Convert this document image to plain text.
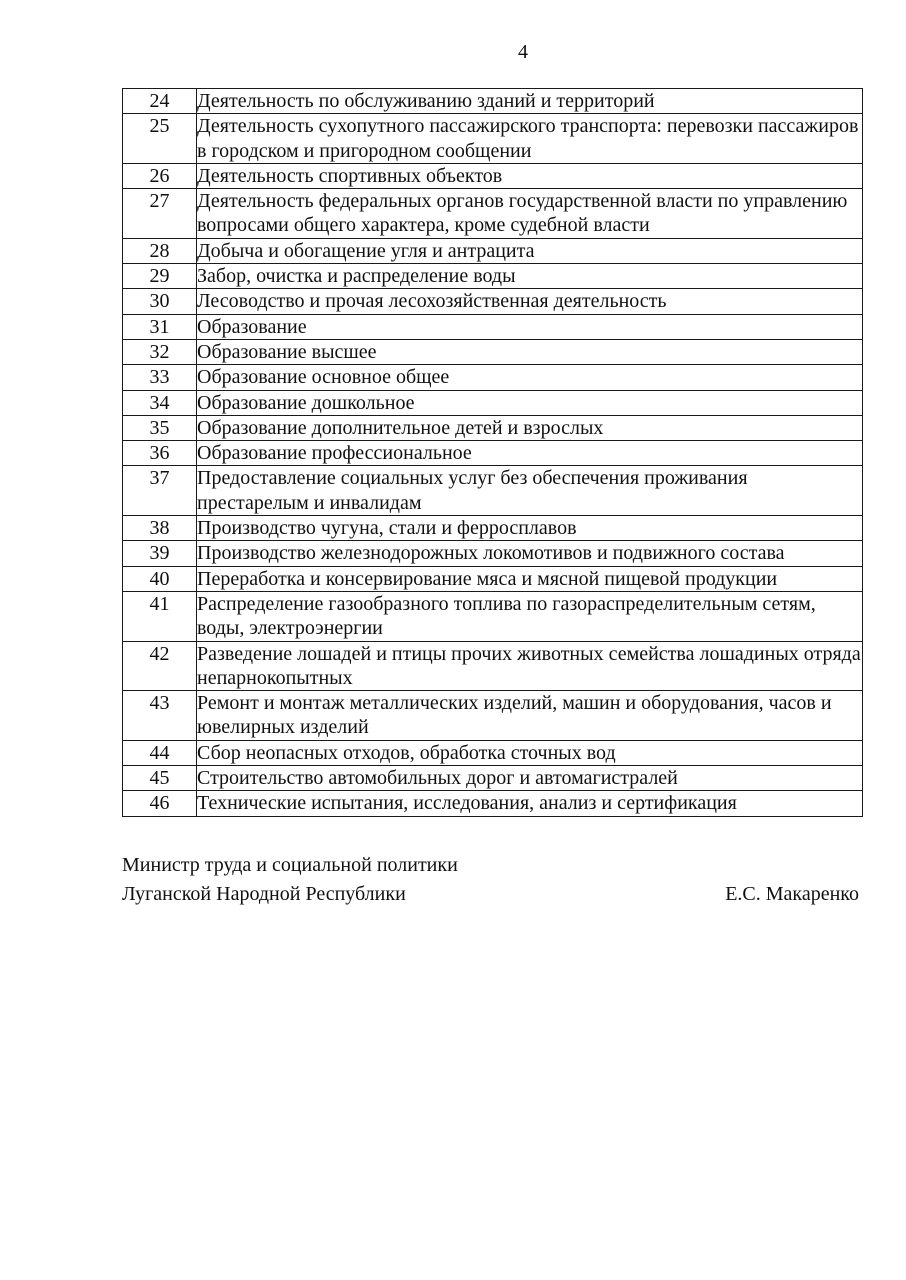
4
24	Деятельность по обслуживанию зданий и территорий
25	Деятельность сухопутного пассажирского транспорта: перевозки пассажиров в городском и пригородном сообщении
26	Деятельность спортивных объектов
27	Деятельность федеральных органов государственной власти по управлению вопросами общего характера, кроме судебной власти
28	Добыча и обогащение угля и антрацита
29	Забор, очистка и распределение воды
30	Лесоводство и прочая лесохозяйственная деятельность
31	Образование
32	Образование высшее
33	Образование основное общее
34	Образование дошкольное
35	Образование дополнительное детей и взрослых
36	Образование профессиональное
37	Предоставление социальных услуг без обеспечения проживания престарелым и инвалидам
38	Производство чугуна, стали и ферросплавов
39	Производство железнодорожных локомотивов и подвижного состава
40	Переработка и консервирование мяса и мясной пищевой продукции
41	Распределение газообразного топлива по газораспределительным сетям, воды, электроэнергии
42	Разведение лошадей и птицы прочих животных семейства лошадиных отряда непарнокопытных
43	Ремонт и монтаж металлических изделий, машин и оборудования, часов и ювелирных изделий
44	Сбор неопасных отходов, обработка сточных вод
45	Строительство автомобильных дорог и автомагистралей
46	Технические испытания, исследования, анализ и сертификация
Министр труда и социальной политики
Луганской Народной Республики	Е.С. Макаренко
